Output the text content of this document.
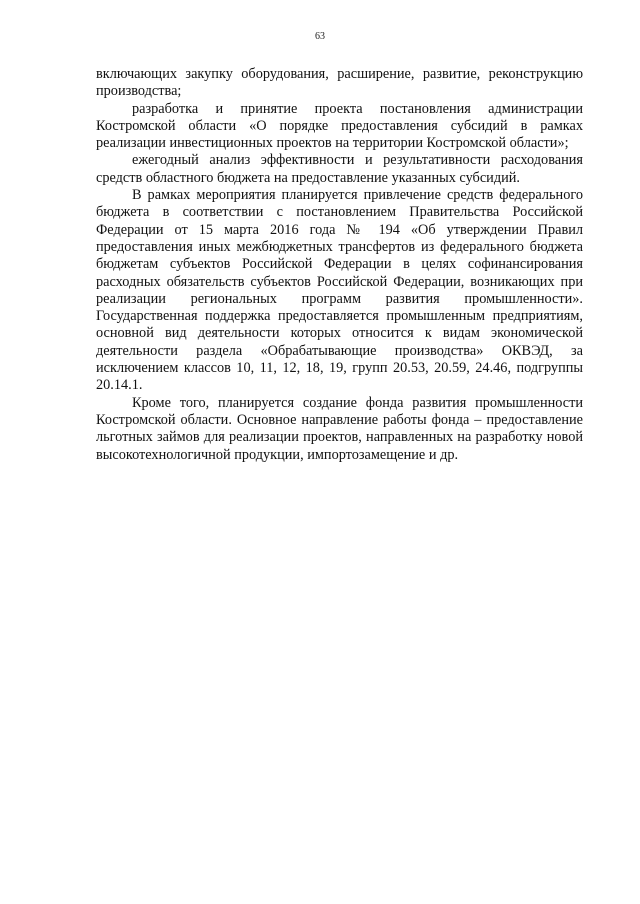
63

включающих закупку оборудования, расширение, развитие, реконструкцию производства;

разработка и принятие проекта постановления администрации Костромской области «О порядке предоставления субсидий в рамках реализации инвестиционных проектов на территории Костромской области»;

ежегодный анализ эффективности и результативности расходования средств областного бюджета на предоставление указанных субсидий.

В рамках мероприятия планируется привлечение средств федерального бюджета в соответствии с постановлением Правительства Российской Федерации от 15 марта 2016 года № 194 «Об утверждении Правил предоставления иных межбюджетных трансфертов из федерального бюджета бюджетам субъектов Российской Федерации в целях софинансирования расходных обязательств субъектов Российской Федерации, возникающих при реализации региональных программ развития промышленности». Государственная поддержка предоставляется промышленным предприятиям, основной вид деятельности которых относится к видам экономической деятельности раздела «Обрабатывающие производства» ОКВЭД, за исключением классов 10, 11, 12, 18, 19, групп 20.53, 20.59, 24.46, подгруппы 20.14.1.

Кроме того, планируется создание фонда развития промышленности Костромской области. Основное направление работы фонда – предоставление льготных займов для реализации проектов, направленных на разработку новой высокотехнологичной продукции, импортозамещение и др.
